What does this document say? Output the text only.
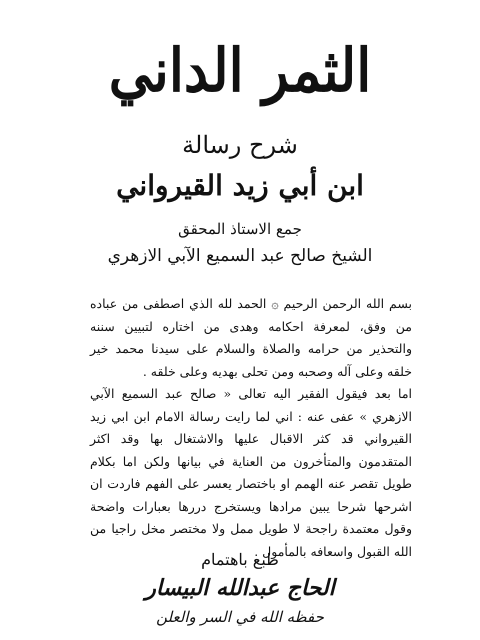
الثمر الداني
شرح رسالة
ابن أبي زيد القيرواني
جمع الاستاذ المحقق
الشيخ صالح عبد السميع الآبي الازهري

بسم الله الرحمن الرحيم ۞ الحمد لله الذي اصطفى من عباده من وفق، لمعرفة احكامه وهدى من اختاره لتبيين سننه والتحذير من حرامه والصلاة والسلام على سيدنا محمد خير خلقه وعلى آله وصحبه ومن تحلى بهديه وعلى خلقه .

اما بعد فيقول الفقير اليه تعالى « صالح عبد السميع الآبي الازهري » عفى عنه : اني لما رايت رسالة الامام ابن ابي زيد القيرواني قد كثر الاقبال عليها والاشتغال بها وقد اكثر المتقدمون والمتأخرون من العناية في بيانها ولكن اما بكلام طويل تقصر عنه الهمم او باختصار يعسر على الفهم فاردت ان اشرحها شرحا يبين مرادها ويستخرج دررها بعبارات واضحة وقول معتمدة راجحة لا طويل ممل ولا مختصر مخل راجيا من الله القبول واسعافه بالمأمول .

طبع باهتمام
الحاج عبدالله البيسار
حفظه الله في السر والعلن
